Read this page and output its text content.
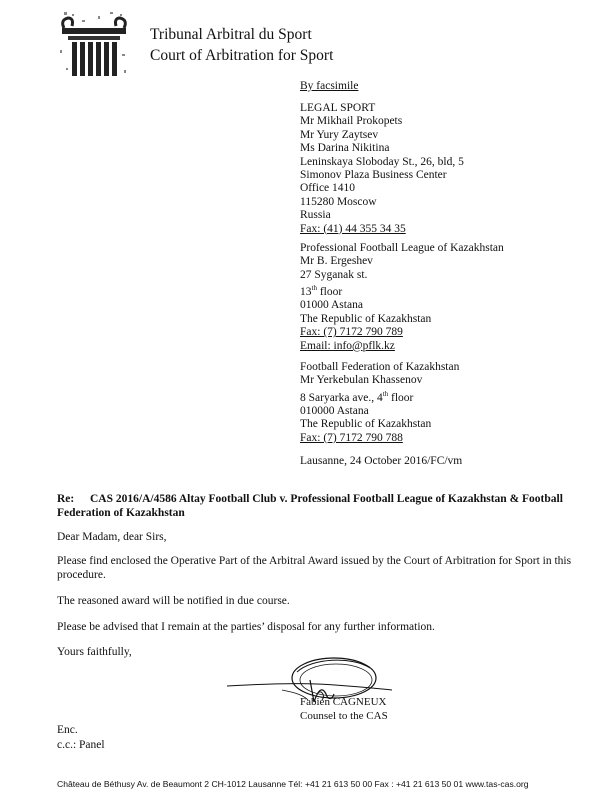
Tribunal Arbitral du Sport
Court of Arbitration for Sport
By facsimile
LEGAL SPORT
Mr Mikhail Prokopets
Mr Yury Zaytsev
Ms Darina Nikitina
Leninskaya Sloboday St., 26, bld, 5
Simonov Plaza Business Center
Office 1410
115280 Moscow
Russia
Fax: (41) 44 355 34 35
Professional Football League of Kazakhstan
Mr B. Ergeshev
27 Syganak st.
13th floor
01000 Astana
The Republic of Kazakhstan
Fax: (7) 7172 790 789
Email: info@pflk.kz
Football Federation of Kazakhstan
Mr Yerkebulan Khassenov
8 Saryarka ave., 4th floor
010000 Astana
The Republic of Kazakhstan
Fax: (7) 7172 790 788
Lausanne, 24 October 2016/FC/vm
Re: CAS 2016/A/4586 Altay Football Club v. Professional Football League of Kazakhstan & Football Federation of Kazakhstan
Dear Madam, dear Sirs,
Please find enclosed the Operative Part of the Arbitral Award issued by the Court of Arbitration for Sport in this procedure.
The reasoned award will be notified in due course.
Please be advised that I remain at the parties’ disposal for any further information.
Yours faithfully,
Fabien CAGNEUX
Counsel to the CAS
Enc.
c.c.: Panel
Château de Béthusy Av. de Beaumont 2 CH-1012 Lausanne Tél: +41 21 613 50 00 Fax : +41 21 613 50 01 www.tas-cas.org
